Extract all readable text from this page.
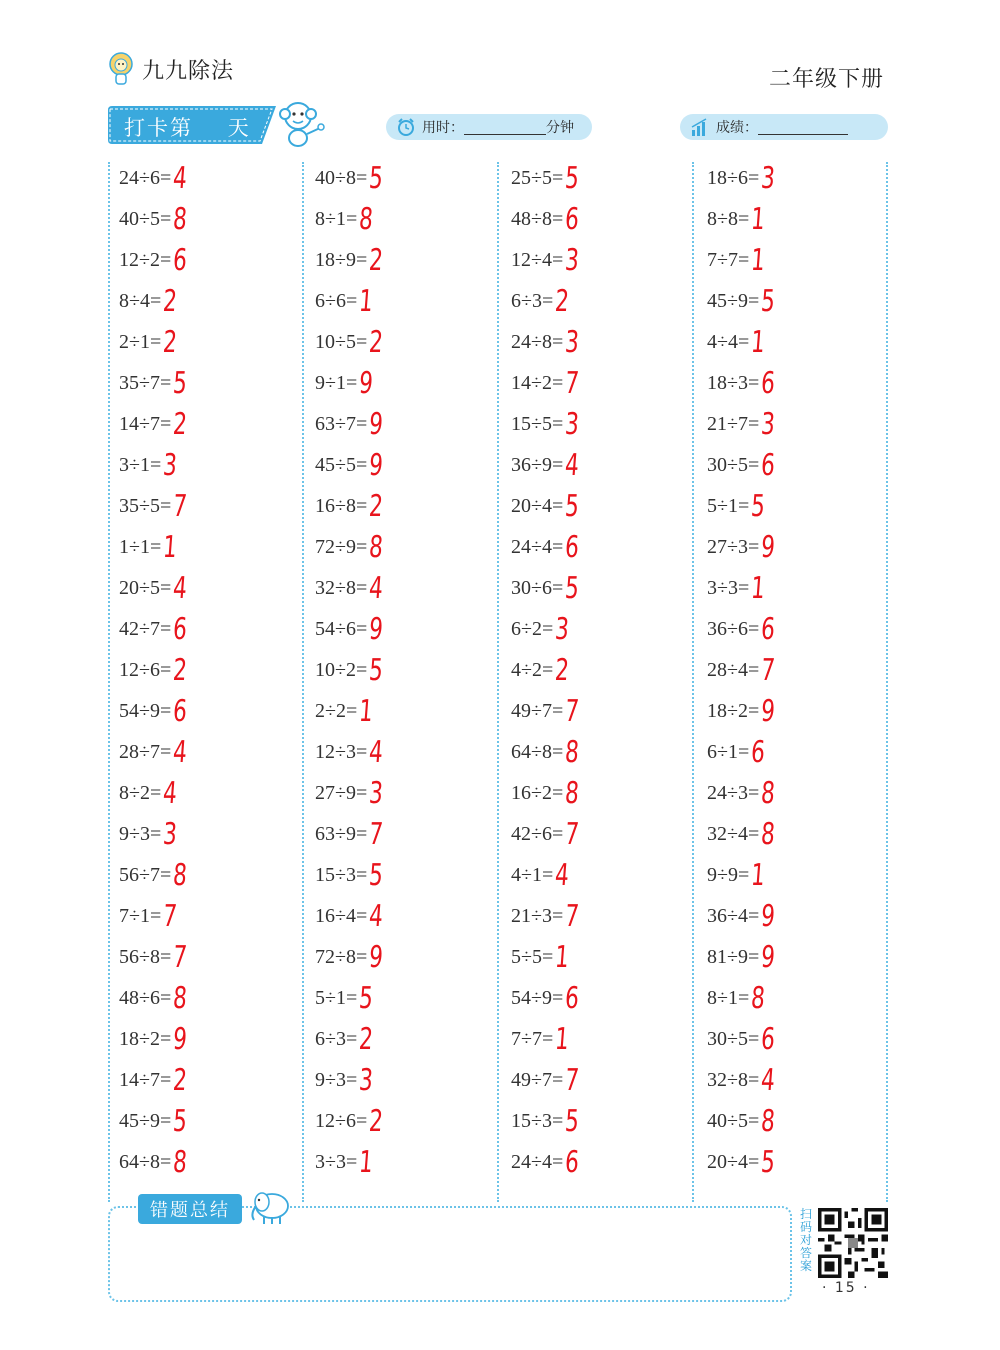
九九除法	二年级下册
打卡第    天	用时：	分钟	成绩：
24÷6= 4
40÷5= 8
12÷2= 6
8÷4= 2
2÷1= 2
35÷7= 5
14÷7= 2
3÷1= 3
35÷5= 7
1÷1= 1
20÷5= 4
42÷7= 6
12÷6= 2
54÷9= 6
28÷7= 4
8÷2= 4
9÷3= 3
56÷7= 8
7÷1= 7
56÷8= 7
48÷6= 8
18÷2= 9
14÷7= 2
45÷9= 5
64÷8= 8
40÷8= 5
8÷1= 8
18÷9= 2
6÷6= 1
10÷5= 2
9÷1= 9
63÷7= 9
45÷5= 9
16÷8= 2
72÷9= 8
32÷8= 4
54÷6= 9
10÷2= 5
2÷2= 1
12÷3= 4
27÷9= 3
63÷9= 7
15÷3= 5
16÷4= 4
72÷8= 9
5÷1= 5
6÷3= 2
9÷3= 3
12÷6= 2
3÷3= 1
25÷5= 5
48÷8= 6
12÷4= 3
6÷3= 2
24÷8= 3
14÷2= 7
15÷5= 3
36÷9= 4
20÷4= 5
24÷4= 6
30÷6= 5
6÷2= 3
4÷2= 2
49÷7= 7
64÷8= 8
16÷2= 8
42÷6= 7
4÷1= 4
21÷3= 7
5÷5= 1
54÷9= 6
7÷7= 1
49÷7= 7
15÷3= 5
24÷4= 6
18÷6= 3
8÷8= 1
7÷7= 1
45÷9= 5
4÷4= 1
18÷3= 6
21÷7= 3
30÷5= 6
5÷1= 5
27÷3= 9
3÷3= 1
36÷6= 6
28÷4= 7
18÷2= 9
6÷1= 6
24÷3= 8
32÷4= 8
9÷9= 1
36÷4= 9
81÷9= 9
8÷1= 8
30÷5= 6
32÷8= 4
40÷5= 8
20÷4= 5
错题总结	扫码对答案
· 15 ·
